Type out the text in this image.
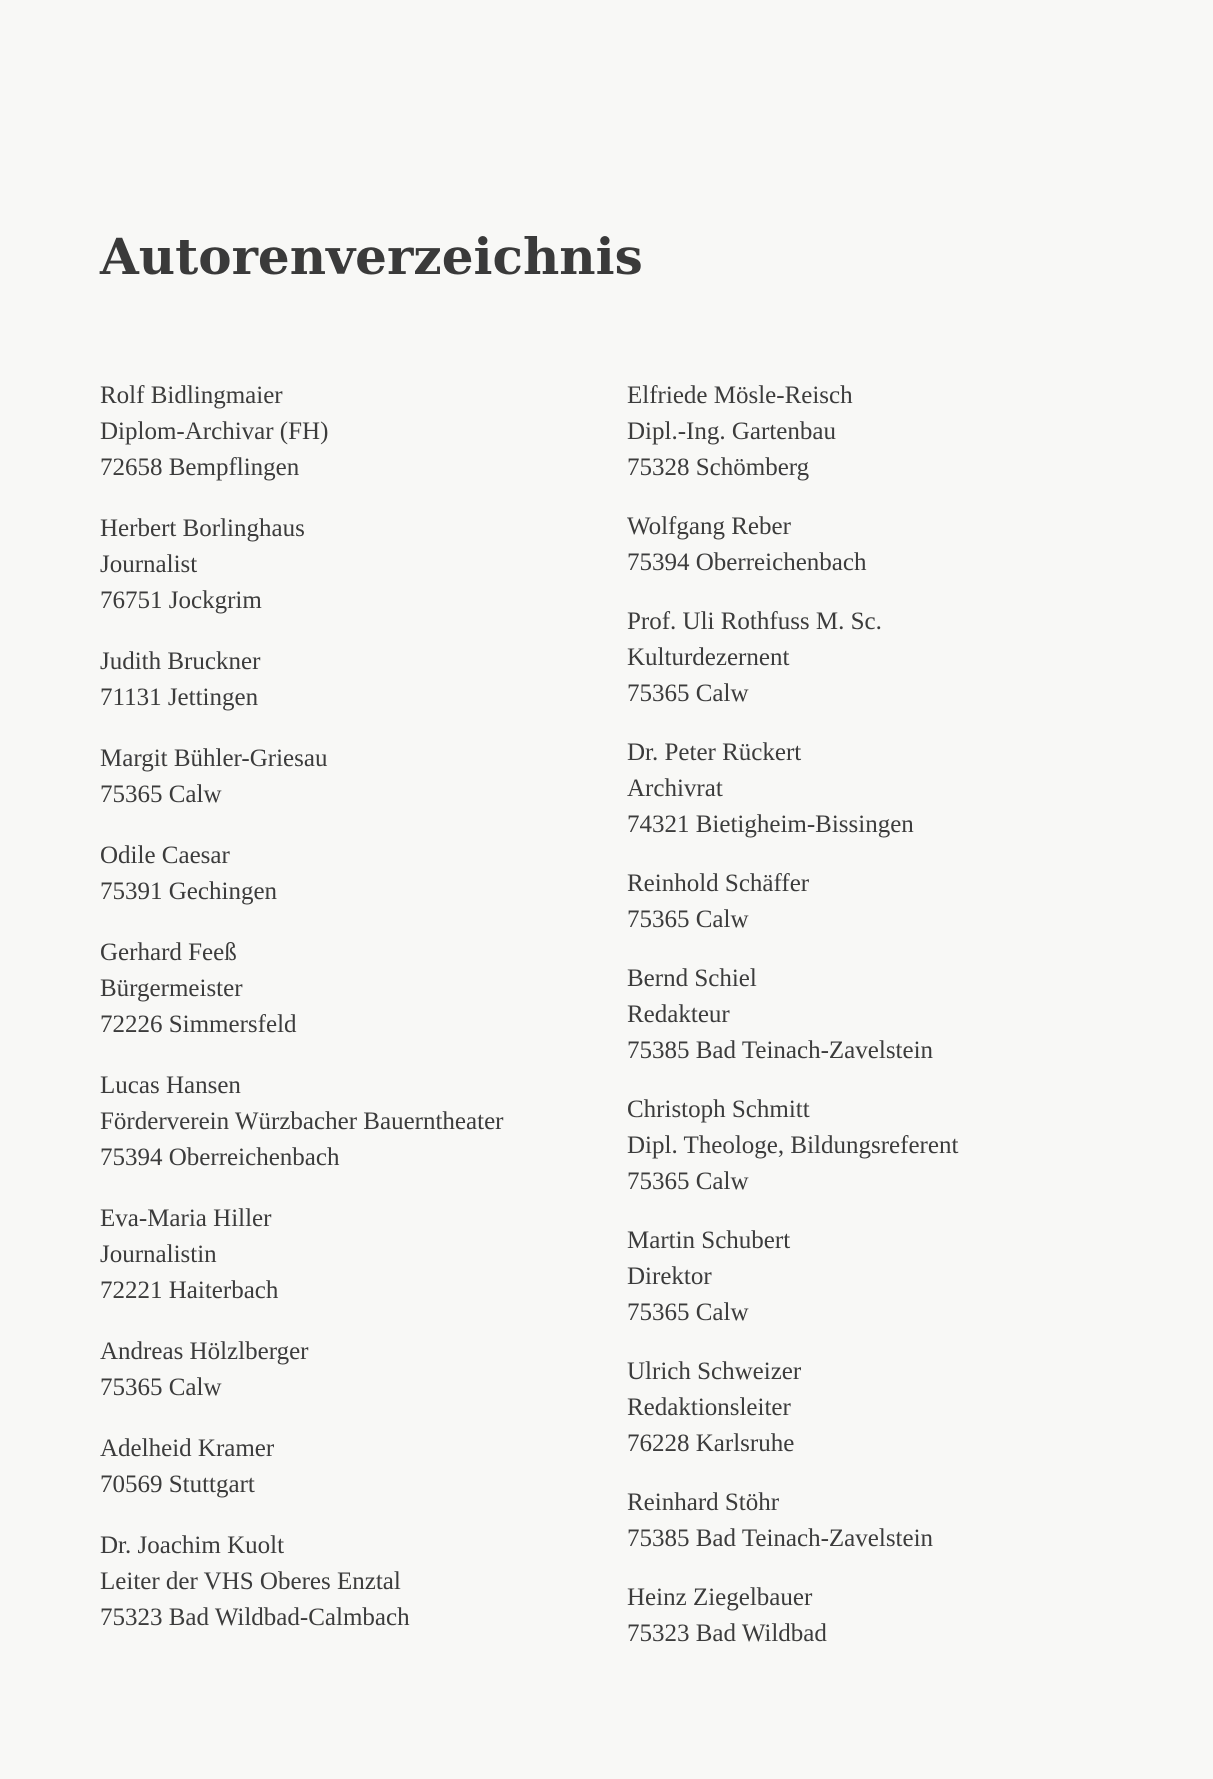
Autorenverzeichnis
Rolf Bidlingmaier
Diplom-Archivar (FH)
72658 Bempflingen
Herbert Borlinghaus
Journalist
76751 Jockgrim
Judith Bruckner
71131 Jettingen
Margit Bühler-Griesau
75365 Calw
Odile Caesar
75391 Gechingen
Gerhard Feeß
Bürgermeister
72226 Simmersfeld
Lucas Hansen
Förderverein Würzbacher Bauerntheater
75394 Oberreichenbach
Eva-Maria Hiller
Journalistin
72221 Haiterbach
Andreas Hölzlberger
75365 Calw
Adelheid Kramer
70569 Stuttgart
Dr. Joachim Kuolt
Leiter der VHS Oberes Enztal
75323 Bad Wildbad-Calmbach
Elfriede Mösle-Reisch
Dipl.-Ing. Gartenbau
75328 Schömberg
Wolfgang Reber
75394 Oberreichenbach
Prof. Uli Rothfuss M. Sc.
Kulturdezernent
75365 Calw
Dr. Peter Rückert
Archivrat
74321 Bietigheim-Bissingen
Reinhold Schäffer
75365 Calw
Bernd Schiel
Redakteur
75385 Bad Teinach-Zavelstein
Christoph Schmitt
Dipl. Theologe, Bildungsreferent
75365 Calw
Martin Schubert
Direktor
75365 Calw
Ulrich Schweizer
Redaktionsleiter
76228 Karlsruhe
Reinhard Stöhr
75385 Bad Teinach-Zavelstein
Heinz Ziegelbauer
75323 Bad Wildbad
